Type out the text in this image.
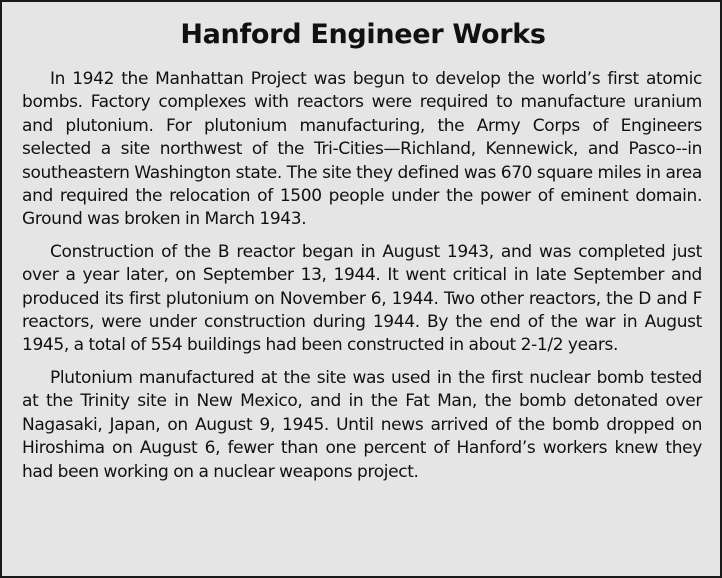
Hanford Engineer Works

In 1942 the Manhattan Project was begun to develop the world’s first atomic bombs. Factory complexes with reactors were required to manufacture uranium and plutonium. For plutonium manufacturing, the Army Corps of Engineers selected a site northwest of the Tri-Cities—Richland, Kennewick, and Pasco--in southeastern Washington state. The site they defined was 670 square miles in area and required the relocation of 1500 people under the power of eminent domain. Ground was broken in March 1943.

Construction of the B reactor began in August 1943, and was completed just over a year later, on September 13, 1944. It went critical in late September and produced its first plutonium on November 6, 1944. Two other reactors, the D and F reactors, were under construction during 1944. By the end of the war in August 1945, a total of 554 buildings had been constructed in about 2-1/2 years.

Plutonium manufactured at the site was used in the first nuclear bomb tested at the Trinity site in New Mexico, and in the Fat Man, the bomb detonated over Nagasaki, Japan, on August 9, 1945. Until news arrived of the bomb dropped on Hiroshima on August 6, fewer than one percent of Hanford’s workers knew they had been working on a nuclear weapons project.
